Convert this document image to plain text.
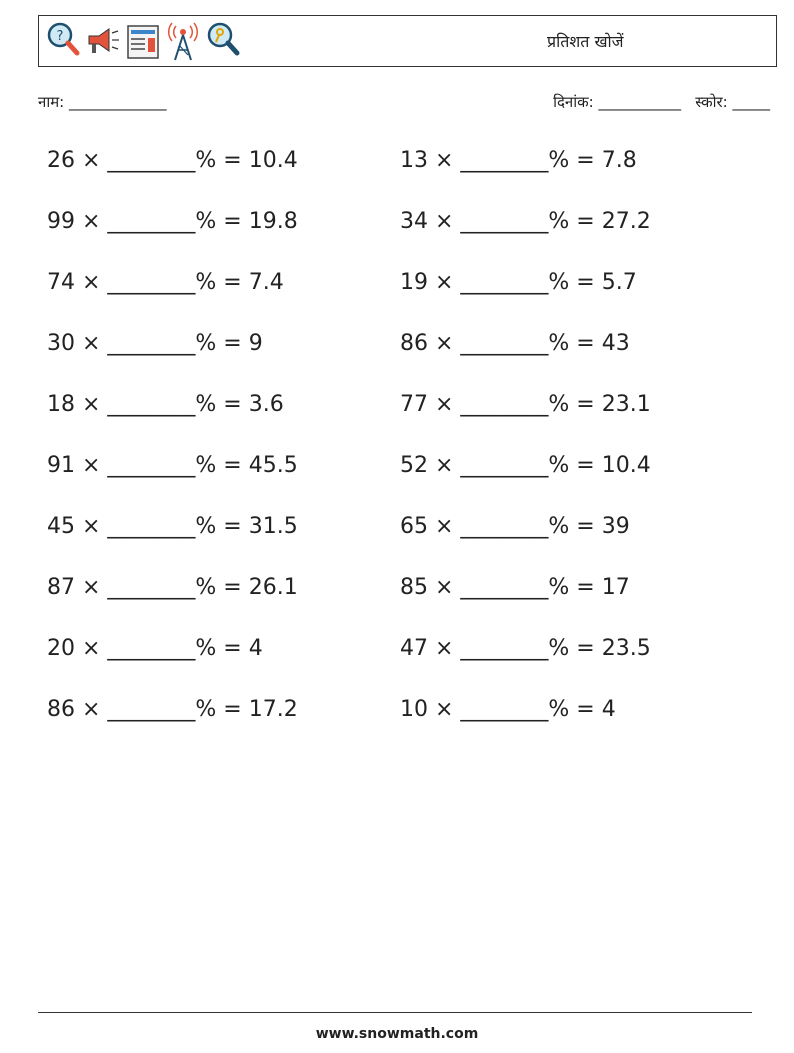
?	प्रतिशत खोजें
नाम: _____________	दिनांक: ___________ स्कोर: _____
26 × ________% = 10.4	13 × ________% = 7.8
99 × ________% = 19.8	34 × ________% = 27.2
74 × ________% = 7.4	19 × ________% = 5.7
30 × ________% = 9	86 × ________% = 43
18 × ________% = 3.6	77 × ________% = 23.1
91 × ________% = 45.5	52 × ________% = 10.4
45 × ________% = 31.5	65 × ________% = 39
87 × ________% = 26.1	85 × ________% = 17
20 × ________% = 4	47 × ________% = 23.5
86 × ________% = 17.2	10 × ________% = 4
www.snowmath.com
